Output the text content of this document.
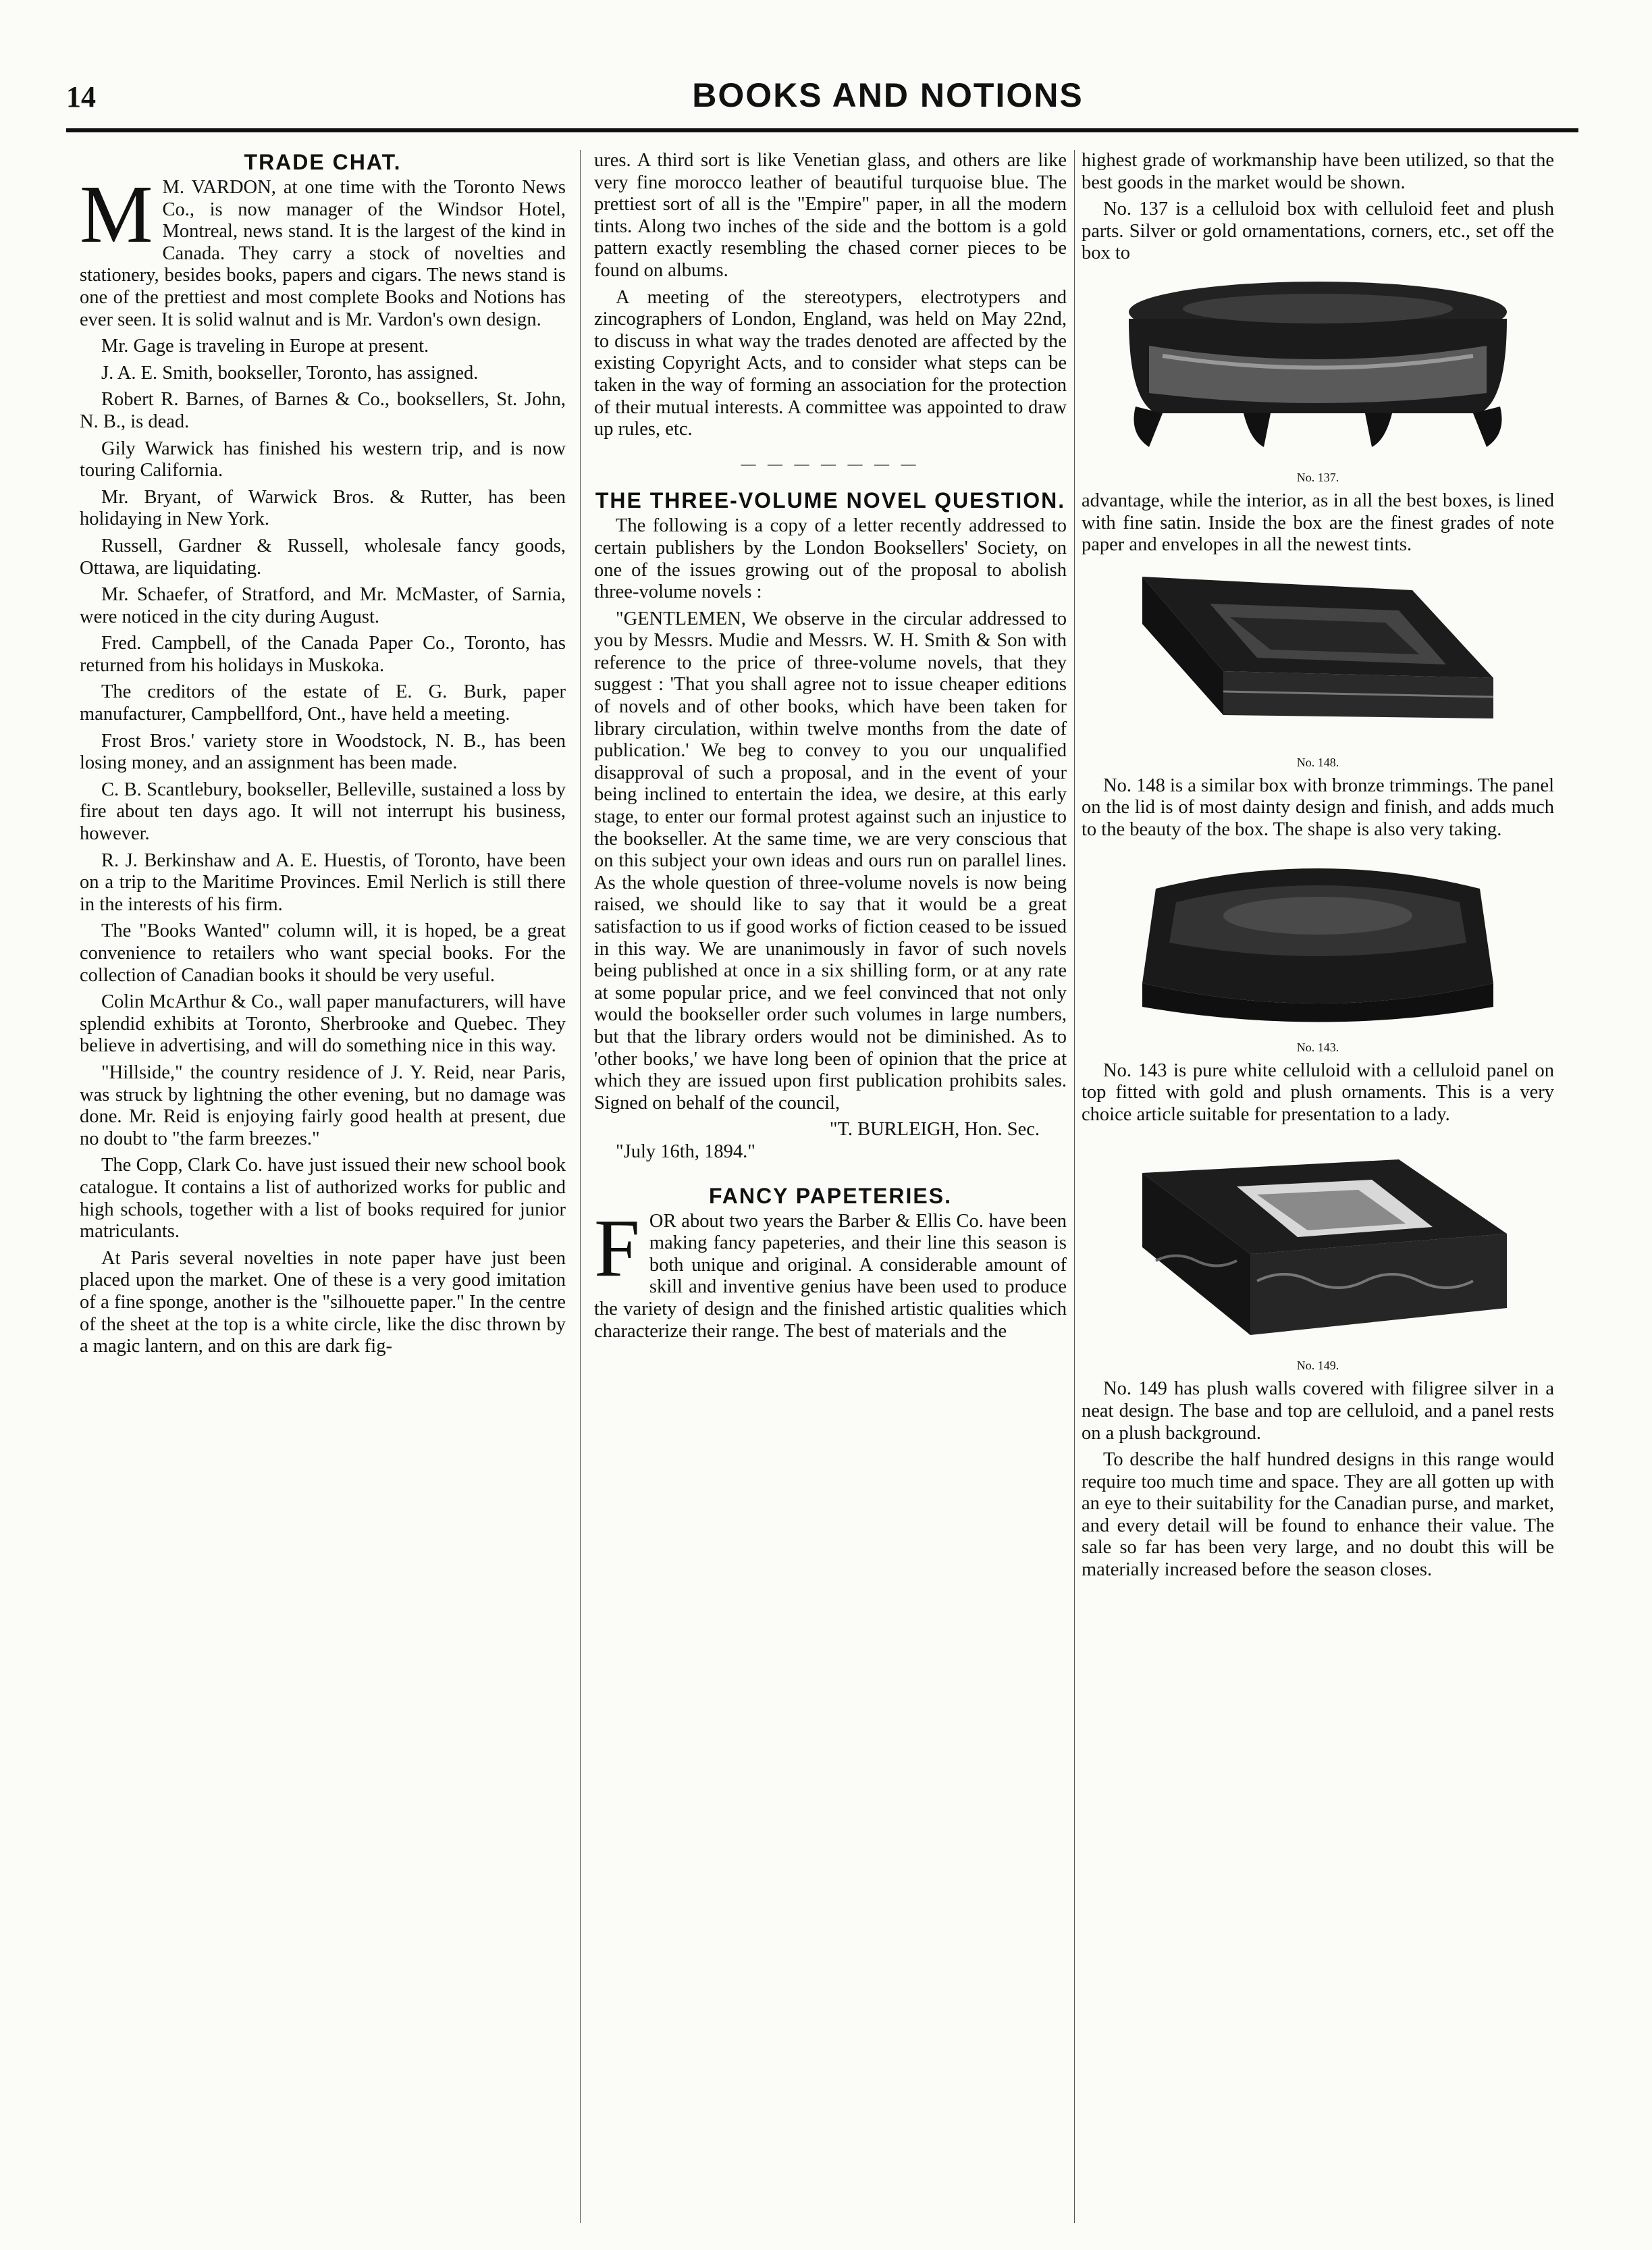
14	BOOKS AND NOTIONS
TRADE CHAT.

M M. VARDON, at one time with the Toronto News Co., is now manager of the Windsor Hotel, Montreal, news stand. It is the largest of the kind in Canada. They carry a stock of novelties and stationery, besides books, papers and cigars. The news stand is one of the prettiest and most complete Books and Notions has ever seen. It is solid walnut and is Mr. Vardon's own design.

Mr. Gage is traveling in Europe at present.

J. A. E. Smith, bookseller, Toronto, has assigned.

Robert R. Barnes, of Barnes & Co., booksellers, St. John, N. B., is dead.

Gily Warwick has finished his western trip, and is now touring California.

Mr. Bryant, of Warwick Bros. & Rutter, has been holidaying in New York.

Russell, Gardner & Russell, wholesale fancy goods, Ottawa, are liquidating.

Mr. Schaefer, of Stratford, and Mr. McMaster, of Sarnia, were noticed in the city during August.

Fred. Campbell, of the Canada Paper Co., Toronto, has returned from his holidays in Muskoka.

The creditors of the estate of E. G. Burk, paper manufacturer, Campbellford, Ont., have held a meeting.

Frost Bros.' variety store in Woodstock, N. B., has been losing money, and an assignment has been made.

C. B. Scantlebury, bookseller, Belleville, sustained a loss by fire about ten days ago. It will not interrupt his business, however.

R. J. Berkinshaw and A. E. Huestis, of Toronto, have been on a trip to the Maritime Provinces. Emil Nerlich is still there in the interests of his firm.

The "Books Wanted" column will, it is hoped, be a great convenience to retailers who want special books. For the collection of Canadian books it should be very useful.

Colin McArthur & Co., wall paper manufacturers, will have splendid exhibits at Toronto, Sherbrooke and Quebec. They believe in advertising, and will do something nice in this way.

"Hillside," the country residence of J. Y. Reid, near Paris, was struck by lightning the other evening, but no damage was done. Mr. Reid is enjoying fairly good health at present, due no doubt to "the farm breezes."

The Copp, Clark Co. have just issued their new school book catalogue. It contains a list of authorized works for public and high schools, together with a list of books required for junior matriculants.

At Paris several novelties in note paper have just been placed upon the market. One of these is a very good imitation of a fine sponge, another is the "silhouette paper." In the centre of the sheet at the top is a white circle, like the disc thrown by a magic lantern, and on this are dark fig-

ures. A third sort is like Venetian glass, and others are like very fine morocco leather of beautiful turquoise blue. The prettiest sort of all is the "Empire" paper, in all the modern tints. Along two inches of the side and the bottom is a gold pattern exactly resembling the chased corner pieces to be found on albums.

A meeting of the stereotypers, electrotypers and zincographers of London, England, was held on May 22nd, to discuss in what way the trades denoted are affected by the existing Copyright Acts, and to consider what steps can be taken in the way of forming an association for the protection of their mutual interests. A committee was appointed to draw up rules, etc.

— — — — — — —
THE THREE-VOLUME NOVEL QUESTION.

The following is a copy of a letter recently addressed to certain publishers by the London Booksellers' Society, on one of the issues growing out of the proposal to abolish three-volume novels :

"GENTLEMEN, We observe in the circular addressed to you by Messrs. Mudie and Messrs. W. H. Smith & Son with reference to the price of three-volume novels, that they suggest : 'That you shall agree not to issue cheaper editions of novels and of other books, which have been taken for library circulation, within twelve months from the date of publication.' We beg to convey to you our unqualified disapproval of such a proposal, and in the event of your being inclined to entertain the idea, we desire, at this early stage, to enter our formal protest against such an injustice to the bookseller. At the same time, we are very conscious that on this subject your own ideas and ours run on parallel lines. As the whole question of three-volume novels is now being raised, we should like to say that it would be a great satisfaction to us if good works of fiction ceased to be issued in this way. We are unanimously in favor of such novels being published at once in a six shilling form, or at any rate at some popular price, and we feel convinced that not only would the bookseller order such volumes in large numbers, but that the library orders would not be diminished. As to 'other books,' we have long been of opinion that the price at which they are issued upon first publication prohibits sales. Signed on behalf of the council,

"T. BURLEIGH, Hon. Sec.

"July 16th, 1894."

FANCY PAPETERIES.

FOR about two years the Barber & Ellis Co. have been making fancy papeteries, and their line this season is both unique and original. A considerable amount of skill and inventive genius have been used to produce the variety of design and the finished artistic qualities which characterize their range. The best of materials and the

highest grade of workmanship have been utilized, so that the best goods in the market would be shown.

No. 137 is a celluloid box with celluloid feet and plush parts. Silver or gold ornamentations, corners, etc., set off the box to

No. 137.

advantage, while the interior, as in all the best boxes, is lined with fine satin. Inside the box are the finest grades of note paper and envelopes in all the newest tints.

No. 148.

No. 148 is a similar box with bronze trimmings. The panel on the lid is of most dainty design and finish, and adds much to the beauty of the box. The shape is also very taking.

No. 143.

No. 143 is pure white celluloid with a celluloid panel on top fitted with gold and plush ornaments. This is a very choice article suitable for presentation to a lady.

No. 149.

No. 149 has plush walls covered with filigree silver in a neat design. The base and top are celluloid, and a panel rests on a plush background.

To describe the half hundred designs in this range would require too much time and space. They are all gotten up with an eye to their suitability for the Canadian purse, and market, and every detail will be found to enhance their value. The sale so far has been very large, and no doubt this will be materially increased before the season closes.
